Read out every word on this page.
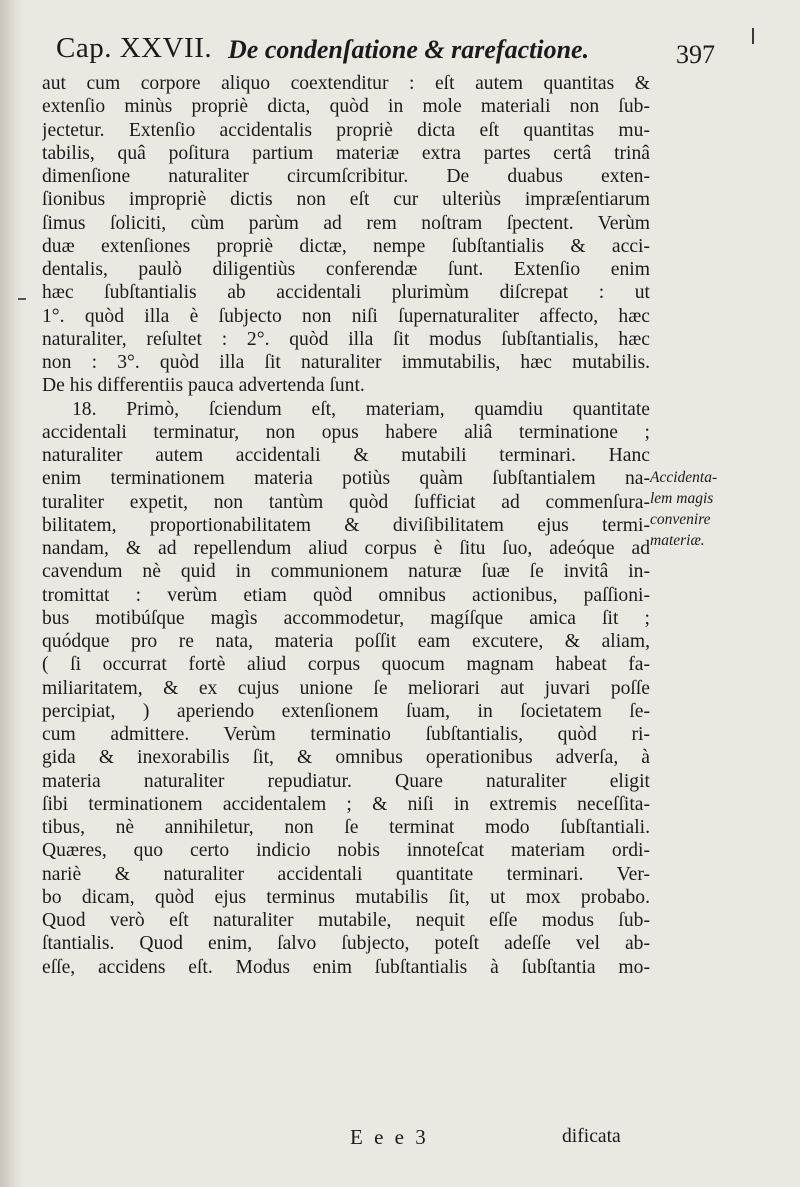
Cap. XXVII. De condenſatione & rarefactione.	397
aut cum corpore aliquo coextenditur : eſt autem quantitas &
extenſio minùs propriè dicta, quòd in mole materiali non ſub-
jectetur. Extenſio accidentalis propriè dicta eſt quantitas mu-
tabilis, quâ poſitura partium materiæ extra partes certâ trinâ
dimenſione naturaliter circumſcribitur. De duabus exten-
ſionibus impropriè dictis non eſt cur ulteriùs impræſentiarum
ſimus ſoliciti, cùm parùm ad rem noſtram ſpectent. Verùm
duæ extenſiones propriè dictæ, nempe ſubſtantialis & acci-
dentalis, paulò diligentiùs conferendæ ſunt. Extenſio enim
hæc ſubſtantialis ab accidentali plurimùm diſcrepat : ut
1°. quòd illa è ſubjecto non niſi ſupernaturaliter affecto, hæc
naturaliter, reſultet : 2°. quòd illa ſit modus ſubſtantialis, hæc
non : 3°. quòd illa ſit naturaliter immutabilis, hæc mutabilis.
De his differentiis pauca advertenda ſunt.
18. Primò, ſciendum eſt, materiam, quamdiu quantitate
accidentali terminatur, non opus habere aliâ terminatione ;
naturaliter autem accidentali & mutabili terminari. Hanc
enim terminationem materia potiùs quàm ſubſtantialem na-
turaliter expetit, non tantùm quòd ſufficiat ad commenſura-
bilitatem, proportionabilitatem & diviſibilitatem ejus termi-
nandam, & ad repellendum aliud corpus è ſitu ſuo, adeóque ad
cavendum nè quid in communionem naturæ ſuæ ſe invitâ in-
tromittat : verùm etiam quòd omnibus actionibus, paſſioni-
bus motibúſque magìs accommodetur, magíſque amica ſit ;
quódque pro re nata, materia poſſit eam excutere, & aliam,
( ſi occurrat fortè aliud corpus quocum magnam habeat fa-
miliaritatem, & ex cujus unione ſe meliorari aut juvari poſſe
percipiat, ) aperiendo extenſionem ſuam, in ſocietatem ſe-
cum admittere. Verùm terminatio ſubſtantialis, quòd ri-
gida & inexorabilis ſit, & omnibus operationibus adverſa, à
materia naturaliter repudiatur. Quare naturaliter eligit
ſibi terminationem accidentalem ; & niſi in extremis neceſſita-
tibus, nè annihiletur, non ſe terminat modo ſubſtantiali.
Quæres, quo certo indicio nobis innoteſcat materiam ordi-
nariè & naturaliter accidentali quantitate terminari. Ver-
bo dicam, quòd ejus terminus mutabilis ſit, ut mox probabo.
Quod verò eſt naturaliter mutabile, nequit eſſe modus ſub-
ſtantialis. Quod enim, ſalvo ſubjecto, poteſt adeſſe vel ab-
eſſe, accidens eſt. Modus enim ſubſtantialis à ſubſtantia mo-
Accidenta-
lem magis
convenire
materiæ.
E e e 3	dificata
